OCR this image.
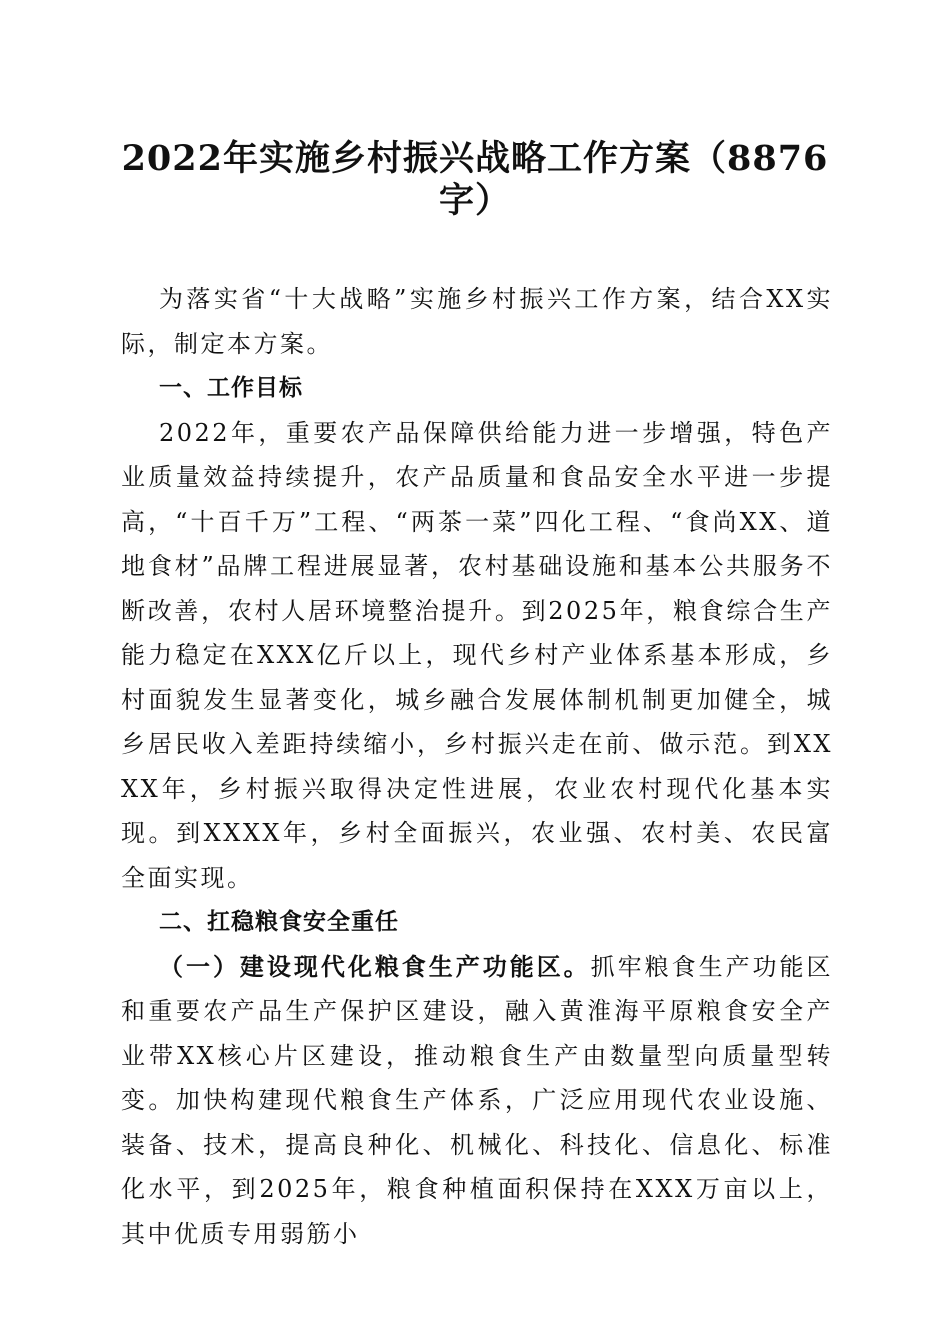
2022年实施乡村振兴战略工作方案（8876
字）

为落实省“十大战略”实施乡村振兴工作方案，结合XX实际，制定本方案。

一、工作目标

2022年，重要农产品保障供给能力进一步增强，特色产业质量效益持续提升，农产品质量和食品安全水平进一步提高，“十百千万”工程、“两茶一菜”四化工程、“食尚XX、道地食材”品牌工程进展显著，农村基础设施和基本公共服务不断改善，农村人居环境整治提升。到2025年，粮食综合生产能力稳定在XXX亿斤以上，现代乡村产业体系基本形成，乡村面貌发生显著变化，城乡融合发展体制机制更加健全，城乡居民收入差距持续缩小，乡村振兴走在前、做示范。到XXXX年，乡村振兴取得决定性进展，农业农村现代化基本实现。到XXXX年，乡村全面振兴，农业强、农村美、农民富全面实现。

二、扛稳粮食安全重任

（一）建设现代化粮食生产功能区。抓牢粮食生产功能区和重要农产品生产保护区建设，融入黄淮海平原粮食安全产业带XX核心片区建设，推动粮食生产由数量型向质量型转变。加快构建现代粮食生产体系，广泛应用现代农业设施、装备、技术，提高良种化、机械化、科技化、信息化、标准化水平，到2025年，粮食种植面积保持在XXX万亩以上，其中优质专用弱筋小
